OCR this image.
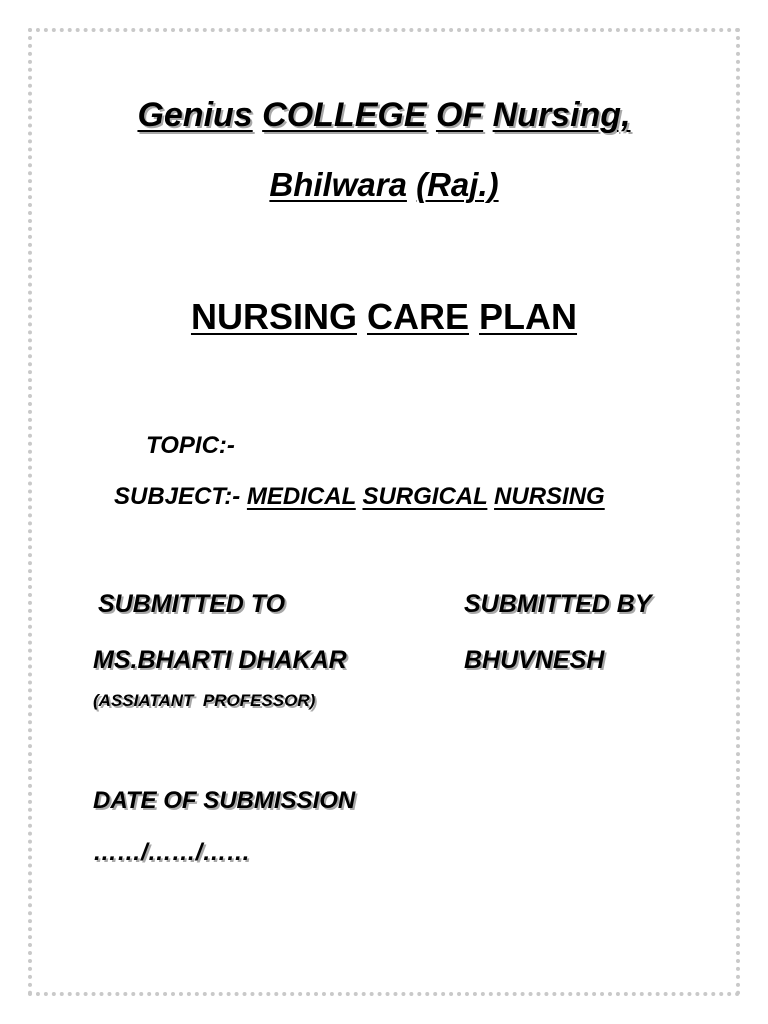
Genius COLLEGE OF Nursing,
Bhilwara (Raj.)
NURSING CARE PLAN
TOPIC:-
SUBJECT:- MEDICAL SURGICAL NURSING
SUBMITTED TO	SUBMITTED BY
MS.BHARTI DHAKAR	BHUVNESH
(ASSIATANT  PROFESSOR)
DATE OF SUBMISSION
……/……/……
